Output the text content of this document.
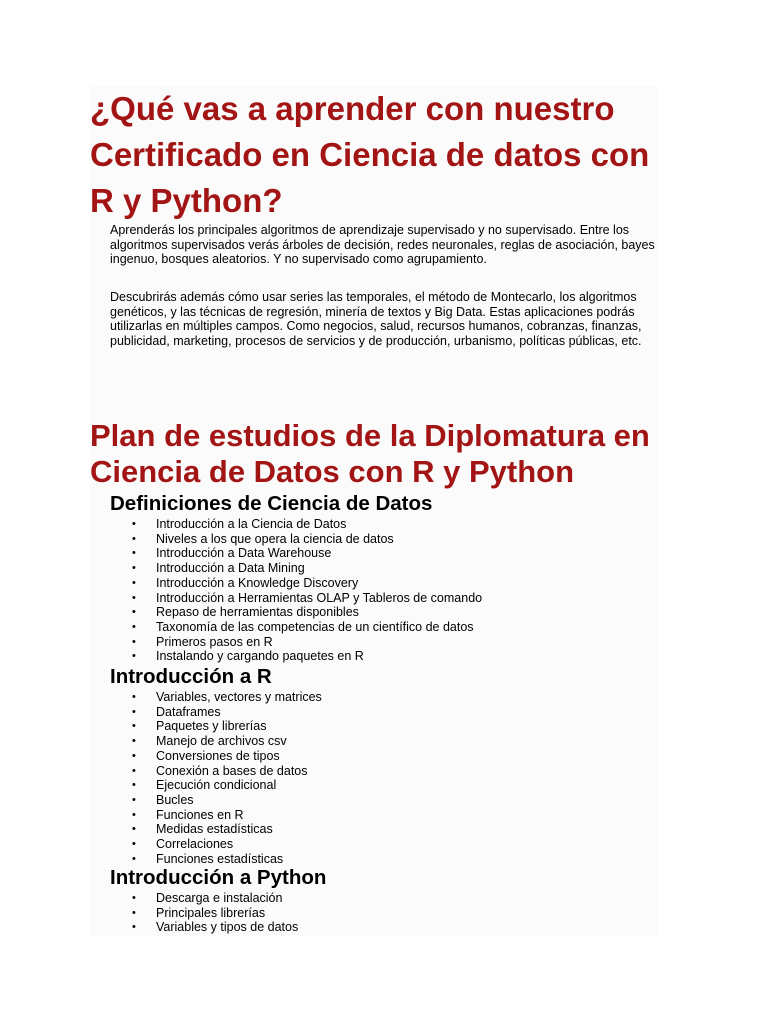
¿Qué vas a aprender con nuestro Certificado en Ciencia de datos con R y Python?

Aprenderás los principales algoritmos de aprendizaje supervisado y no supervisado. Entre los algoritmos supervisados verás árboles de decisión, redes neuronales, reglas de asociación, bayes ingenuo, bosques aleatorios. Y no supervisado como agrupamiento.

Descubrirás además cómo usar series las temporales, el método de Montecarlo, los algoritmos genéticos, y las técnicas de regresión, minería de textos y Big Data. Estas aplicaciones podrás utilizarlas en múltiples campos. Como negocios, salud, recursos humanos, cobranzas, finanzas, publicidad, marketing, procesos de servicios y de producción, urbanismo, políticas públicas, etc.

Plan de estudios de la Diplomatura en Ciencia de Datos con R y Python
Definiciones de Ciencia de Datos
• Introducción a la Ciencia de Datos
• Niveles a los que opera la ciencia de datos
• Introducción a Data Warehouse
• Introducción a Data Mining
• Introducción a Knowledge Discovery
• Introducción a Herramientas OLAP y Tableros de comando
• Repaso de herramientas disponibles
• Taxonomía de las competencias de un científico de datos
• Primeros pasos en R
• Instalando y cargando paquetes en R
Introducción a R
• Variables, vectores y matrices
• Dataframes
• Paquetes y librerías
• Manejo de archivos csv
• Conversiones de tipos
• Conexión a bases de datos
• Ejecución condicional
• Bucles
• Funciones en R
• Medidas estadísticas
• Correlaciones
• Funciones estadísticas
Introducción a Python
• Descarga e instalación
• Principales librerías
• Variables y tipos de datos
